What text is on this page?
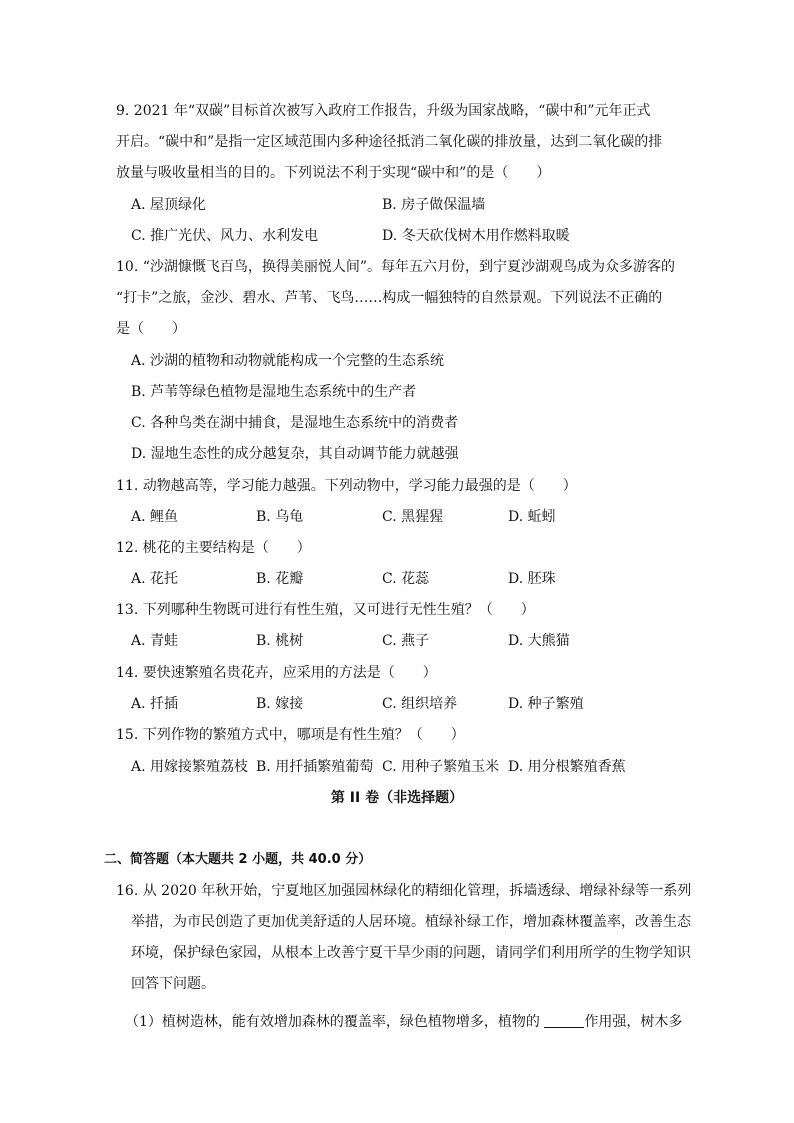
9. 2021 年“双碳”目标首次被写入政府工作报告，升级为国家战略，“碳中和”元年正式
开启。“碳中和”是指一定区域范围内多种途径抵消二氧化碳的排放量，达到二氧化碳的排
放量与吸收量相当的目的。下列说法不利于实现“碳中和”的是（　　）
A. 屋顶绿化	B. 房子做保温墙
C. 推广光伏、风力、水利发电	D. 冬天砍伐树木用作燃料取暖
10. “沙湖慷慨飞百鸟，换得美丽悦人间”。每年五六月份，到宁夏沙湖观鸟成为众多游客的
“打卡”之旅，金沙、碧水、芦苇、飞鸟……构成一幅独特的自然景观。下列说法不正确的
是（　　）
A. 沙湖的植物和动物就能构成一个完整的生态系统
B. 芦苇等绿色植物是湿地生态系统中的生产者
C. 各种鸟类在湖中捕食，是湿地生态系统中的消费者
D. 湿地生态性的成分越复杂，其自动调节能力就越强
11. 动物越高等，学习能力越强。下列动物中，学习能力最强的是（　　）
A. 鲤鱼	B. 乌龟	C. 黑猩猩	D. 蚯蚓
12. 桃花的主要结构是（　　）
A. 花托	B. 花瓣	C. 花蕊	D. 胚珠
13. 下列哪种生物既可进行有性生殖，又可进行无性生殖？（　　）
A. 青蛙	B. 桃树	C. 燕子	D. 大熊猫
14. 要快速繁殖名贵花卉，应采用的方法是（　　）
A. 扦插	B. 嫁接	C. 组织培养	D. 种子繁殖
15. 下列作物的繁殖方式中，哪项是有性生殖？（　　）
A. 用嫁接繁殖荔枝 B. 用扦插繁殖葡萄 C. 用种子繁殖玉米 D. 用分根繁殖香蕉
第 II 卷（非选择题）
二、简答题（本大题共 2 小题，共 40.0 分）
16. 从 2020 年秋开始，宁夏地区加强园林绿化的精细化管理，拆墙透绿、增绿补绿等一系列
举措，为市民创造了更加优美舒适的人居环境。植绿补绿工作，增加森林覆盖率，改善生态
环境，保护绿色家园，从根本上改善宁夏干旱少雨的问题，请同学们利用所学的生物学知识
回答下问题。
（1）植树造林，能有效增加森林的覆盖率，绿色植物增多，植物的	作用强，树木多
